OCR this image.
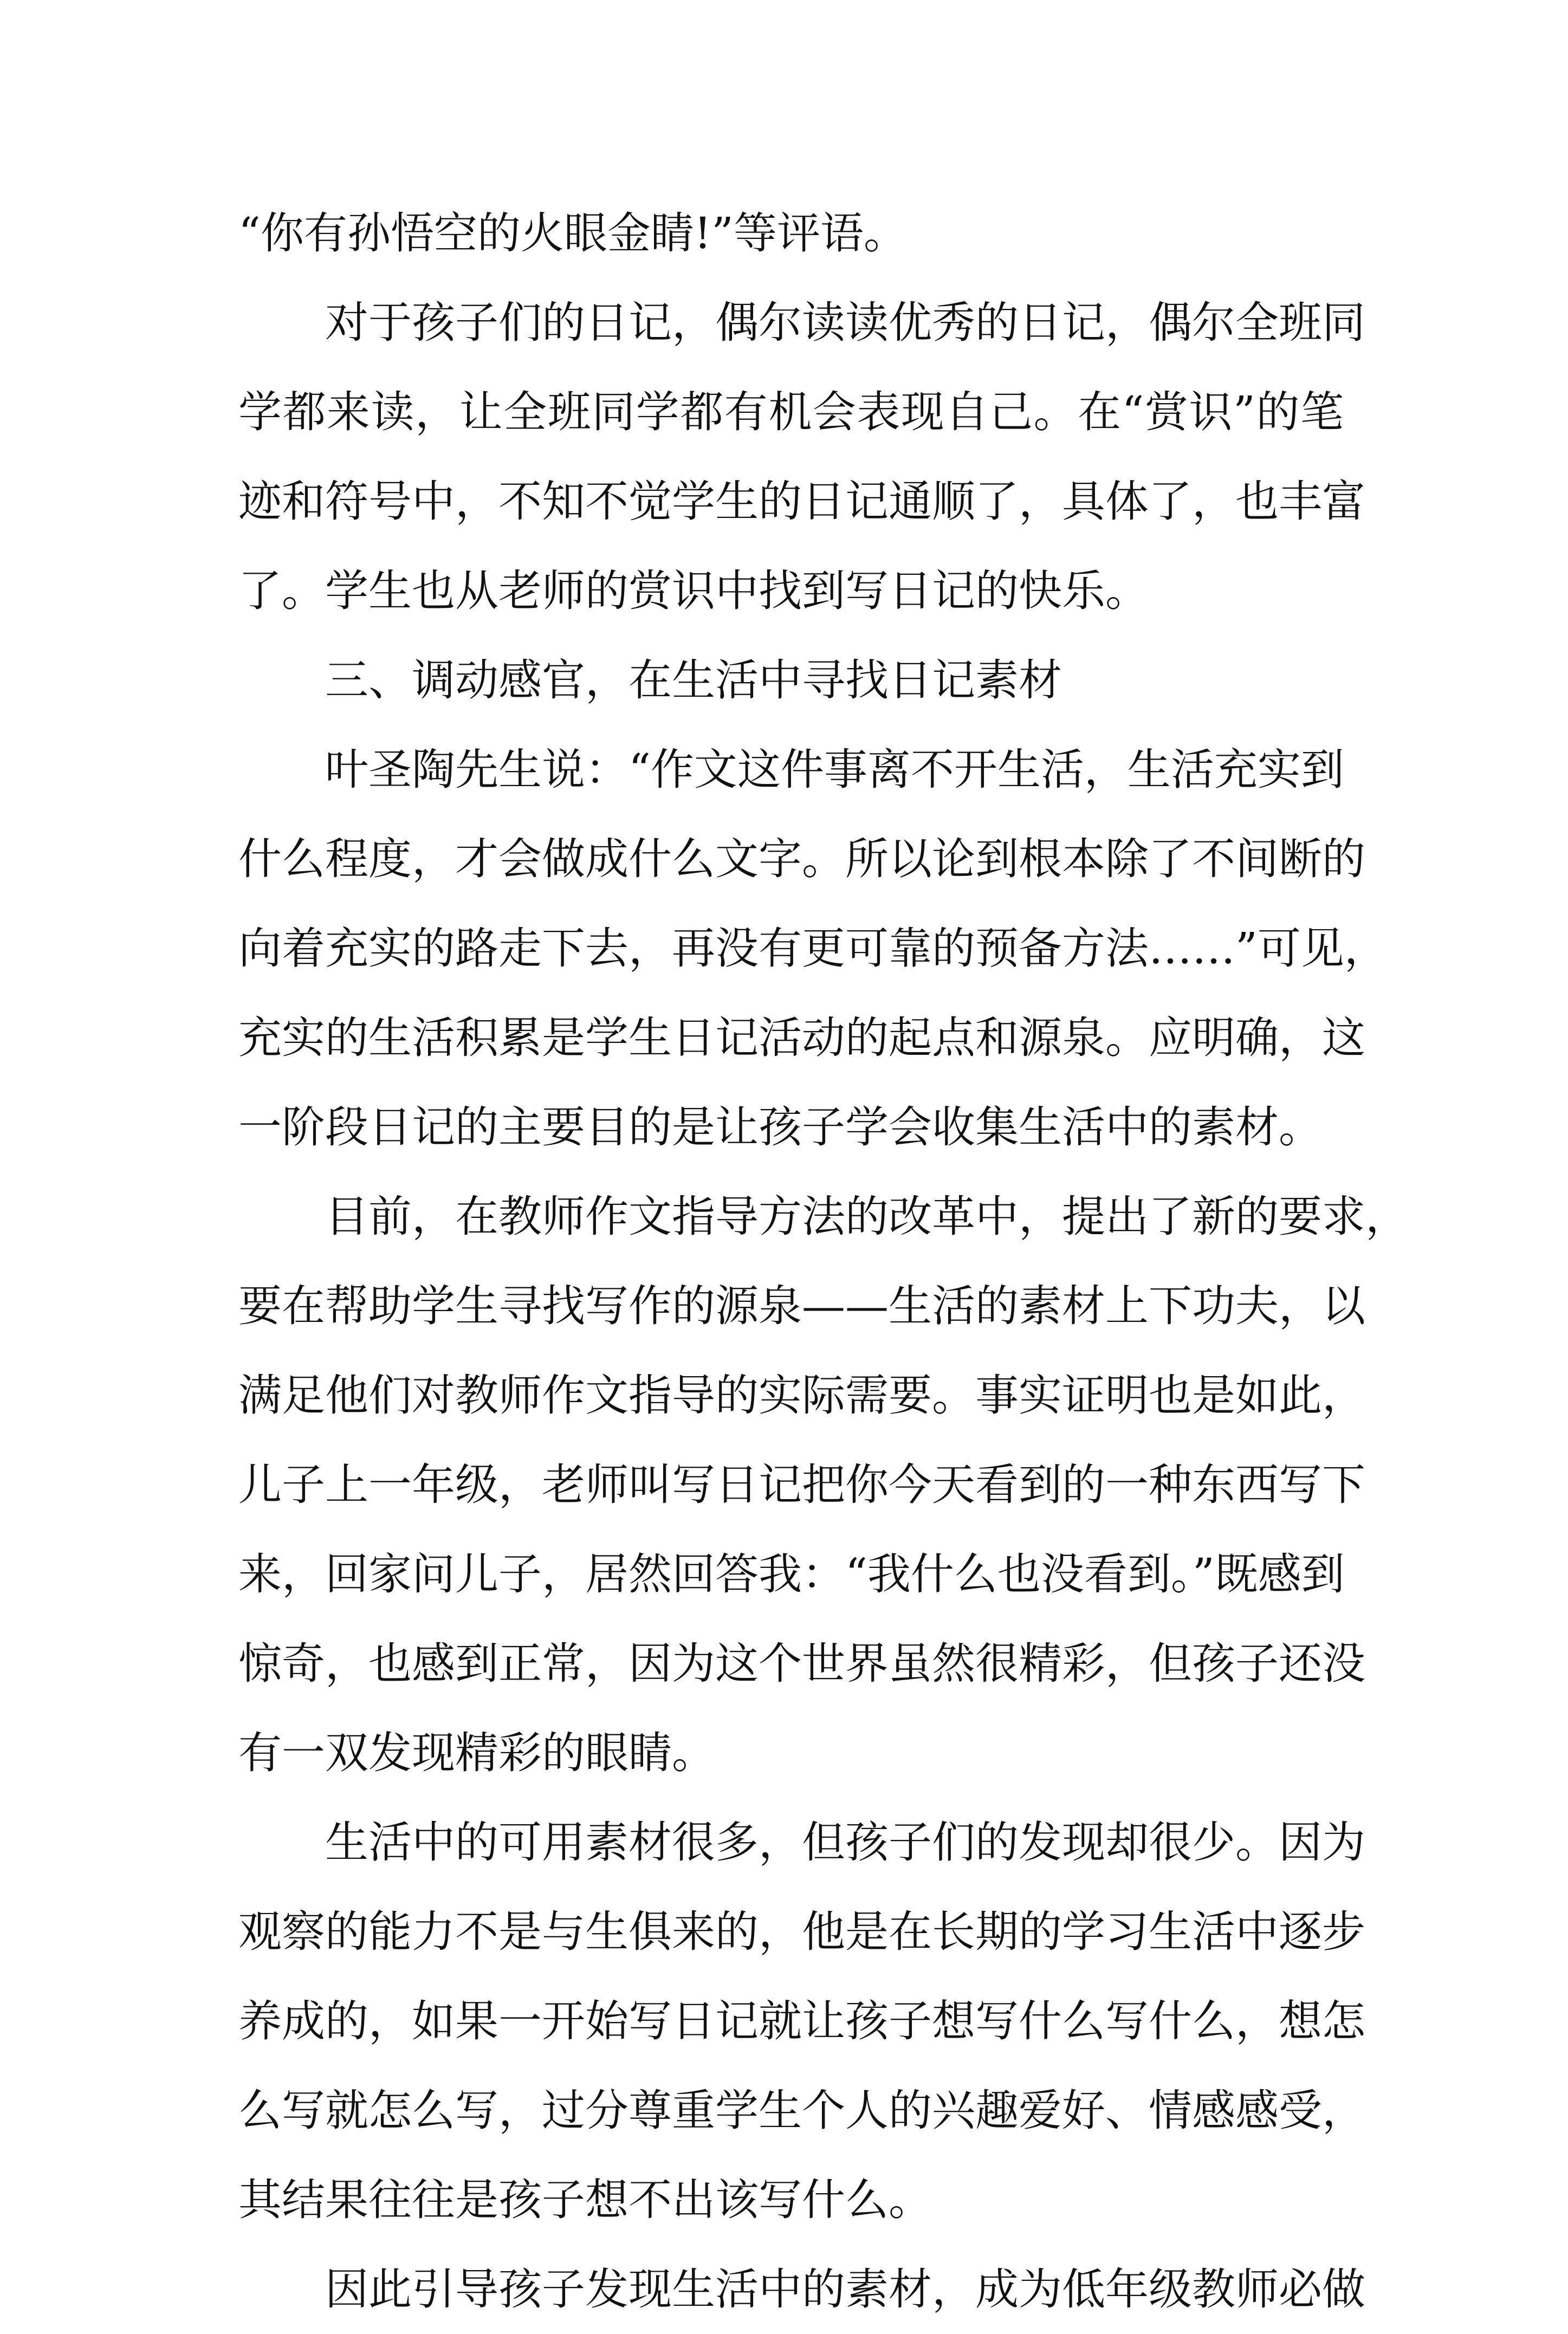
“你有孙悟空的火眼金睛!”等评语。
对于孩子们的日记，偶尔读读优秀的日记，偶尔全班同
学都来读，让全班同学都有机会表现自己。在“赏识”的笔
迹和符号中，不知不觉学生的日记通顺了，具体了，也丰富
了。学生也从老师的赏识中找到写日记的快乐。
三、调动感官，在生活中寻找日记素材
叶圣陶先生说：“作文这件事离不开生活，生活充实到
什么程度，才会做成什么文字。所以论到根本除了不间断的
向着充实的路走下去，再没有更可靠的预备方法……”可见，
充实的生活积累是学生日记活动的起点和源泉。应明确，这
一阶段日记的主要目的是让孩子学会收集生活中的素材。
目前，在教师作文指导方法的改革中，提出了新的要求，
要在帮助学生寻找写作的源泉——生活的素材上下功夫，以
满足他们对教师作文指导的实际需要。事实证明也是如此，
儿子上一年级，老师叫写日记把你今天看到的一种东西写下
来，回家问儿子，居然回答我：“我什么也没看到。”既感到
惊奇，也感到正常，因为这个世界虽然很精彩，但孩子还没
有一双发现精彩的眼睛。
生活中的可用素材很多，但孩子们的发现却很少。因为
观察的能力不是与生俱来的，他是在长期的学习生活中逐步
养成的，如果一开始写日记就让孩子想写什么写什么，想怎
么写就怎么写，过分尊重学生个人的兴趣爱好、情感感受，
其结果往往是孩子想不出该写什么。
因此引导孩子发现生活中的素材，成为低年级教师必做
